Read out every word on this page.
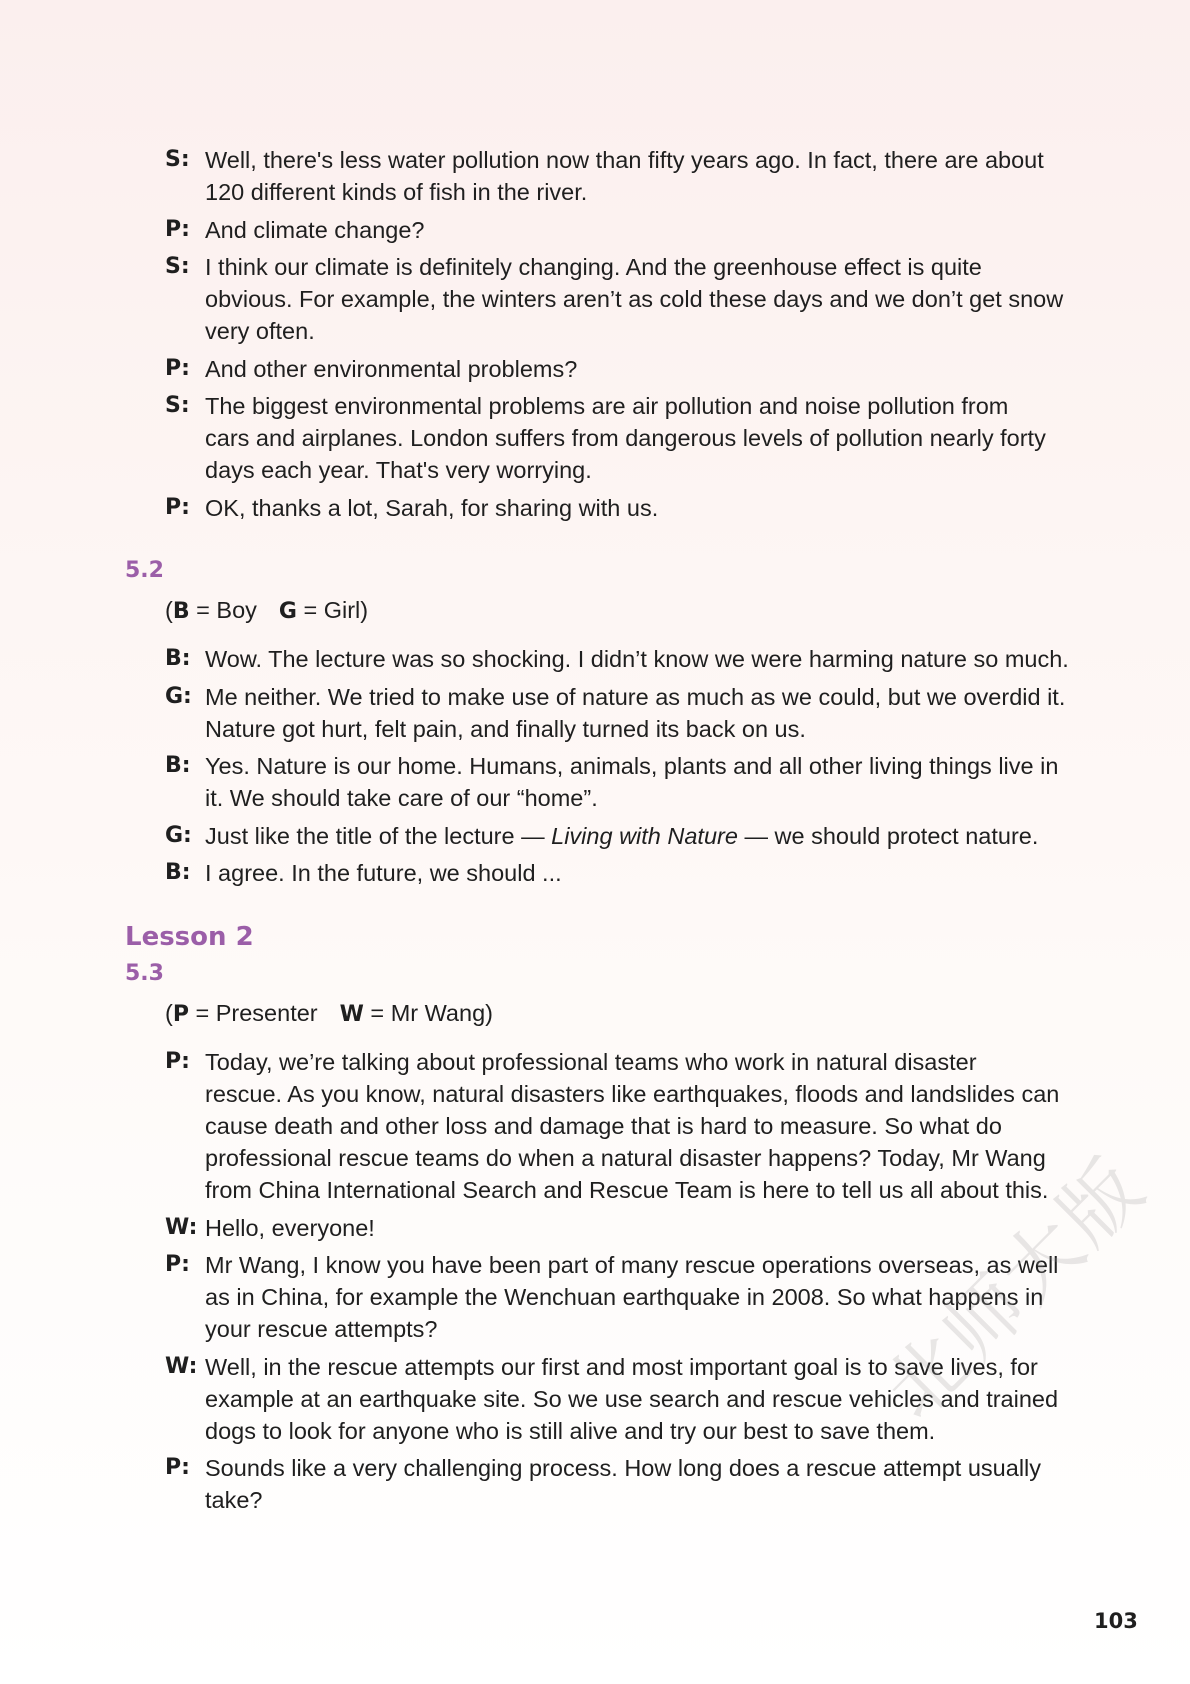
S: Well, there's less water pollution now than fifty years ago. In fact, there are about
120 different kinds of fish in the river.
P: And climate change?
S: I think our climate is definitely changing. And the greenhouse effect is quite
obvious. For example, the winters aren’t as cold these days and we don’t get snow
very often.
P: And other environmental problems?
S: The biggest environmental problems are air pollution and noise pollution from
cars and airplanes. London suffers from dangerous levels of pollution nearly forty
days each year. That's very worrying.
P: OK, thanks a lot, Sarah, for sharing with us.
5.2
(B = Boy G = Girl)
B: Wow. The lecture was so shocking. I didn’t know we were harming nature so much.
G: Me neither. We tried to make use of nature as much as we could, but we overdid it.
Nature got hurt, felt pain, and finally turned its back on us.
B: Yes. Nature is our home. Humans, animals, plants and all other living things live in
it. We should take care of our “home”.
G: Just like the title of the lecture — Living with Nature — we should protect nature.
B: I agree. In the future, we should ...
Lesson 2
5.3
(P = Presenter W = Mr Wang)
P: Today, we’re talking about professional teams who work in natural disaster
rescue. As you know, natural disasters like earthquakes, floods and landslides can
cause death and other loss and damage that is hard to measure. So what do
professional rescue teams do when a natural disaster happens? Today, Mr Wang
from China International Search and Rescue Team is here to tell us all about this.
W: Hello, everyone!
P: Mr Wang, I know you have been part of many rescue operations overseas, as well
as in China, for example the Wenchuan earthquake in 2008. So what happens in
your rescue attempts?
W: Well, in the rescue attempts our first and most important goal is to save lives, for
example at an earthquake site. So we use search and rescue vehicles and trained
dogs to look for anyone who is still alive and try our best to save them.
P: Sounds like a very challenging process. How long does a rescue attempt usually
take?
北师大版
103
